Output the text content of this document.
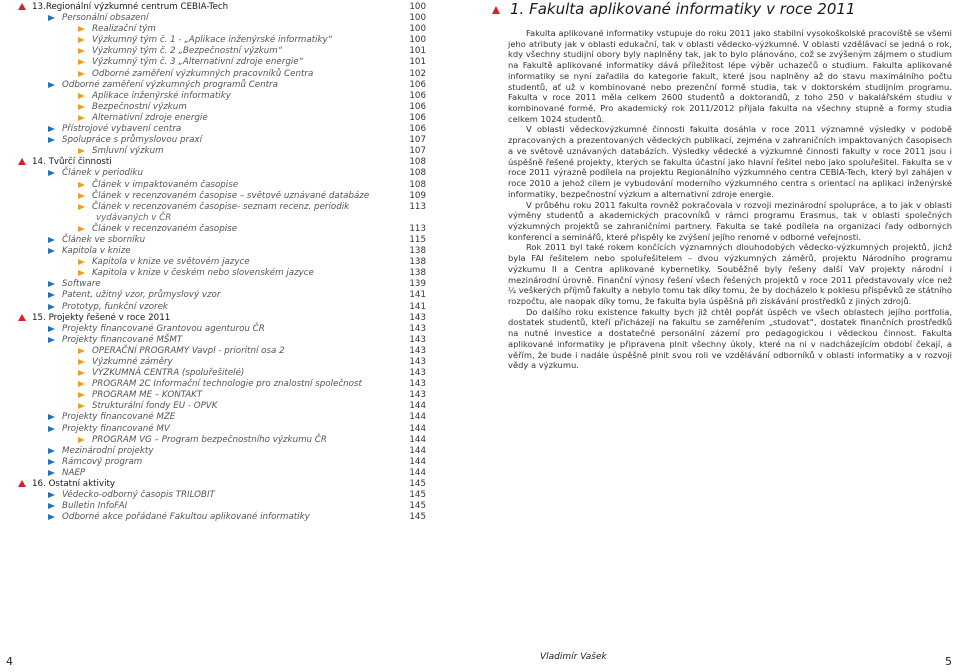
13.Regionální výzkumné centrum CEBIA-Tech	100
Personální obsazení	100
Realizační tým	100
Výzkumný tým č. 1 - „Aplikace inženýrské informatiky“	100
Výzkumný tým č. 2 „Bezpečnostní výzkum“	101
Výzkumný tým č. 3 „Alternativní zdroje energie“	101
Odborné zaměření výzkumných pracovníků Centra	102
Odborné zaměření výzkumných programů Centra	106
Aplikace inženýrské informatiky	106
Bezpečnostní výzkum	106
Alternativní zdroje energie	106
Přístrojové vybavení centra	106
Spolupráce s průmyslovou praxí	107
Smluvní výzkum	107
14. Tvůrčí činnosti	108
Článek v periodiku	108
Článek v impaktovaném časopise	108
Článek v recenzovaném časopise – světově uznávané databáze	109
Článek v recenzovaném časopise- seznam recenz. periodik	113
vydávaných v ČR
Článek v recenzovaném časopise	113
Článek ve sborníku	115
Kapitola v knize	138
Kapitola v knize ve světovém jazyce	138
Kapitola v knize v českém nebo slovenském jazyce	138
Software	139
Patent, užitný vzor, průmyslový vzor	141
Prototyp, funkční vzorek	141
15. Projekty řešené v roce 2011	143
Projekty financované Grantovou agenturou ČR	143
Projekty financované MŠMT	143
OPERAČNÍ PROGRAMY Vavpl - prioritní osa 2	143
Výzkumné záměry	143
VÝZKUMNÁ CENTRA (spoluřešitelé)	143
PROGRAM 2C Informační technologie pro znalostní společnost	143
PROGRAM ME – KONTAKT	143
Strukturální fondy EU - OPVK	144
Projekty financované MZE	144
Projekty financované MV	144
PROGRAM VG – Program bezpečnostního výzkumu ČR	144
Mezinárodní projekty	144
Rámcový program	144
NAEP	144
16. Ostatní aktivity	145
Vědecko-odborný časopis TRILOBIT	145
Bulletin InfoFAI	145
Odborné akce pořádané Fakultou aplikované informatiky	145
4
1. Fakulta aplikované informatiky v roce 2011

Fakulta aplikované informatiky vstupuje do roku 2011 jako stabilní vysokoškolské pracoviště se všemi jeho atributy jak v oblasti edukační, tak v oblasti vědecko-výzkumné. V oblasti vzdělávací se jedná o rok, kdy všechny studijní obory byly naplněny tak, jak to bylo plánováno, což se zvýšeným zájmem o studium na Fakultě aplikované informatiky dává příležitost lépe výběr uchazečů o studium. Fakulta aplikované informatiky se nyní zařadila do kategorie fakult, které jsou naplněny až do stavu maximálního počtu studentů, ať už v kombinované nebo prezenční formě studia, tak v doktorském studijním programu. Fakulta v roce 2011 měla celkem 2600 studentů a doktorandů, z toho 250 v bakalářském studiu v kombinované formě. Pro akademický rok 2011/2012 přijala fakulta na všechny stupně a formy studia celkem 1024 studentů.

V oblasti vědeckovýzkumné činnosti fakulta dosáhla v roce 2011 významné výsledky v podobě zpracovaných a prezentovaných vědeckých publikací, zejména v zahraničních impaktovaných časopisech a ve světově uznávaných databázích. Výsledky vědecké a výzkumné činnosti fakulty v roce 2011 jsou i úspěšně řešené projekty, kterých se fakulta účastní jako hlavní řešitel nebo jako spoluřešitel. Fakulta se v roce 2011 výrazně podílela na projektu Regionálního výzkumného centra CEBIA-Tech, který byl zahájen v roce 2010 a jehož cílem je vybudování moderního výzkumného centra s orientací na aplikaci inženýrské informatiky, bezpečnostní výzkum a alternativní zdroje energie.

V průběhu roku 2011 fakulta rovněž pokračovala v rozvoji mezinárodní spolupráce, a to jak v oblasti výměny studentů a akademických pracovníků v rámci programu Erasmus, tak v oblasti společných výzkumných projektů se zahraničními partnery. Fakulta se také podílela na organizaci řady odborných konferencí a seminářů, které přispěly ke zvýšení jejího renomé v odborné veřejnosti.

Rok 2011 byl také rokem končících významných dlouhodobých vědecko-výzkumných projektů, jichž byla FAI řešitelem nebo spoluřešitelem – dvou výzkumných záměrů, projektu Národního programu výzkumu II a Centra aplikované kybernetiky. Souběžně byly řešeny další VaV projekty národní i mezinárodní úrovně. Finanční výnosy řešení všech řešených projektů v roce 2011 představovaly více než ¼ veškerých příjmů fakulty a nebylo tomu tak díky tomu, že by docházelo k poklesu příspěvků ze státního rozpočtu, ale naopak díky tomu, že fakulta byla úspěšná při získávání prostředků z jiných zdrojů.

Do dalšího roku existence fakulty bych již chtěl popřát úspěch ve všech oblastech jejího portfolia, dostatek studentů, kteří přicházejí na fakultu se zaměřením „studovat“, dostatek finančních prostředků na nutné investice a dostatečné personální zázemí pro pedagogickou i vědeckou činnost. Fakulta aplikované informatiky je připravena plnit všechny úkoly, které na ni v nadcházejícím období čekají, a věřím, že bude i nadále úspěšně plnit svou roli ve vzdělávání odborníků v oblasti informatiky a v rozvoji vědy a výzkumu.

Vladimír Vašek	5
